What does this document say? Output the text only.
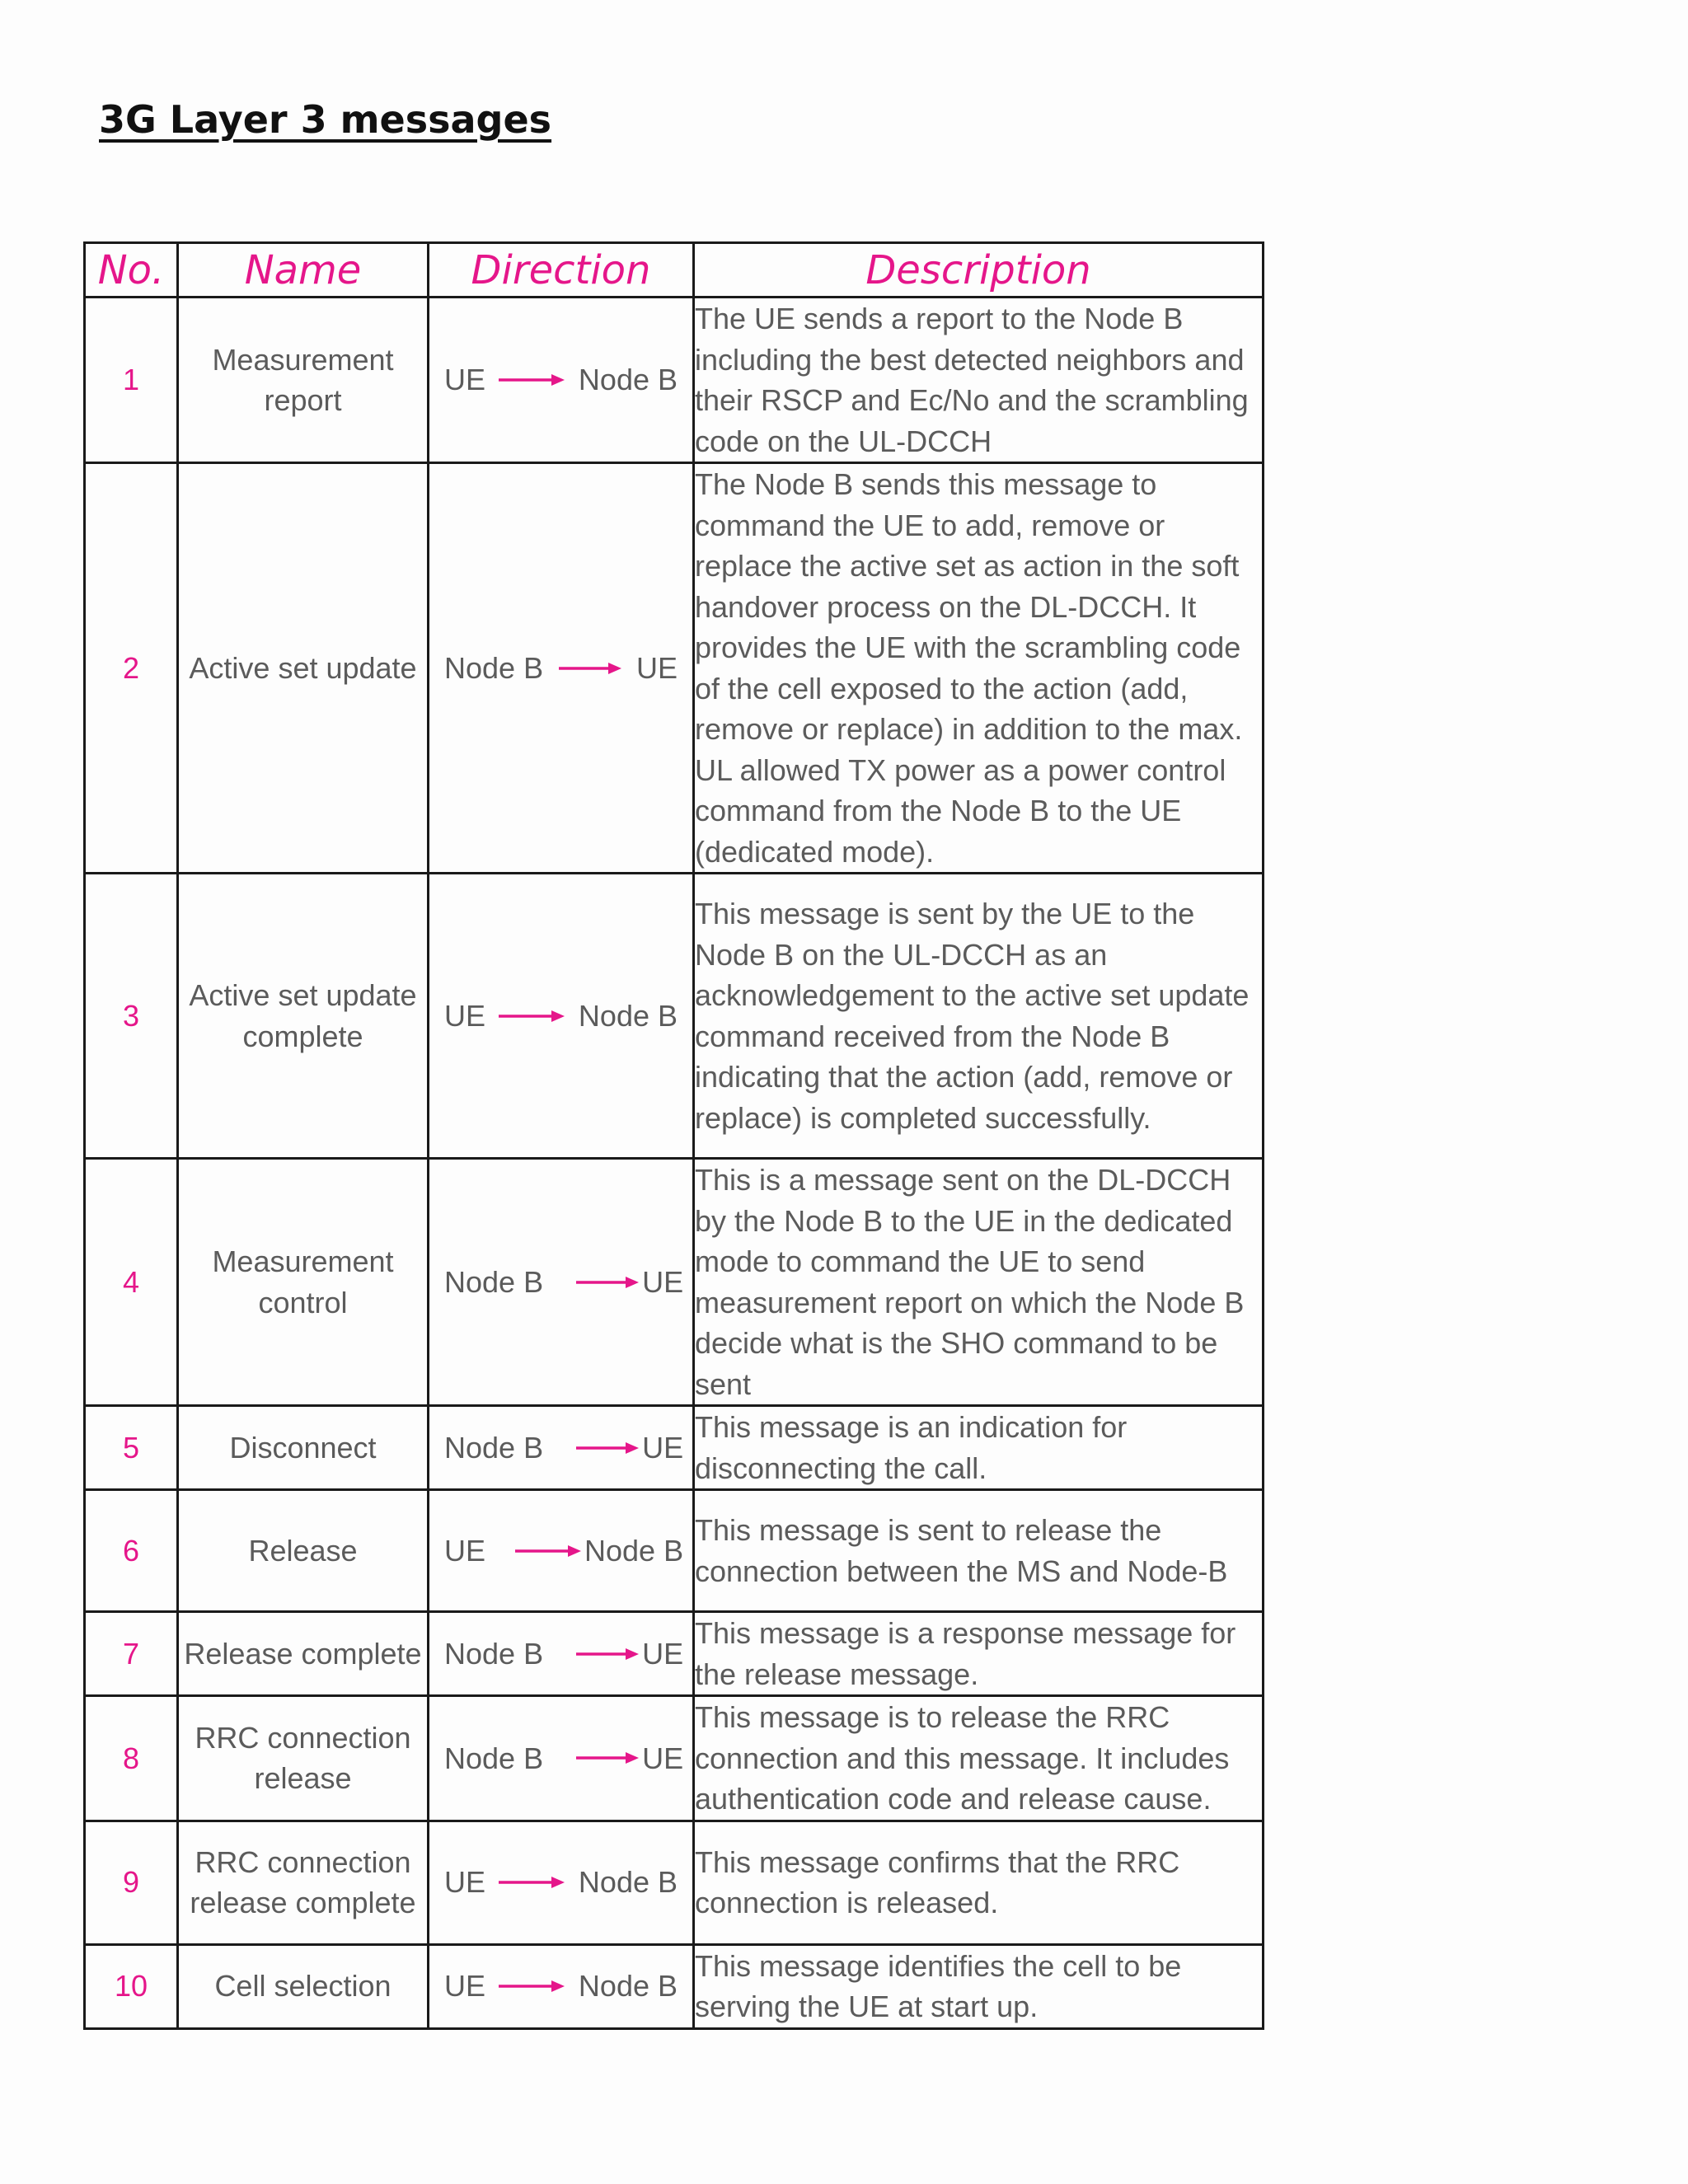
3G Layer 3 messages
No.	Name	Direction	Description
1	Measurement report	UE Node B	The UE sends a report to the Node B including the best detected neighbors and their RSCP and Ec/No and the scrambling code on the UL-DCCH
2	Active set update	Node B UE	The Node B sends this message to command the UE to add, remove or replace the active set as action in the soft handover process on the DL-DCCH. It provides the UE with the scrambling code of the cell exposed to the action (add, remove or replace) in addition to the max. UL allowed TX power as a power control command from the Node B to the UE (dedicated mode).
3	Active set update complete	UE Node B	This message is sent by the UE to the Node B on the UL-DCCH as an acknowledgement to the active set update command received from the Node B indicating that the action (add, remove or replace) is completed successfully.
4	Measurement control	Node B UE	This is a message sent on the DL-DCCH by the Node B to the UE in the dedicated mode to command the UE to send measurement report on which the Node B decide what is the SHO command to be sent
5	Disconnect	Node B UE	This message is an indication for disconnecting the call.
6	Release	UE Node B	This message is sent to release the connection between the MS and Node-B
7	Release complete	Node B UE	This message is a response message for the release message.
8	RRC connection release	Node B UE	This message is to release the RRC connection and this message. It includes authentication code and release cause.
9	RRC connection release complete	UE Node B	This message confirms that the RRC connection is released.
10	Cell selection	UE Node B	This message identifies the cell to be serving the UE at start up.
